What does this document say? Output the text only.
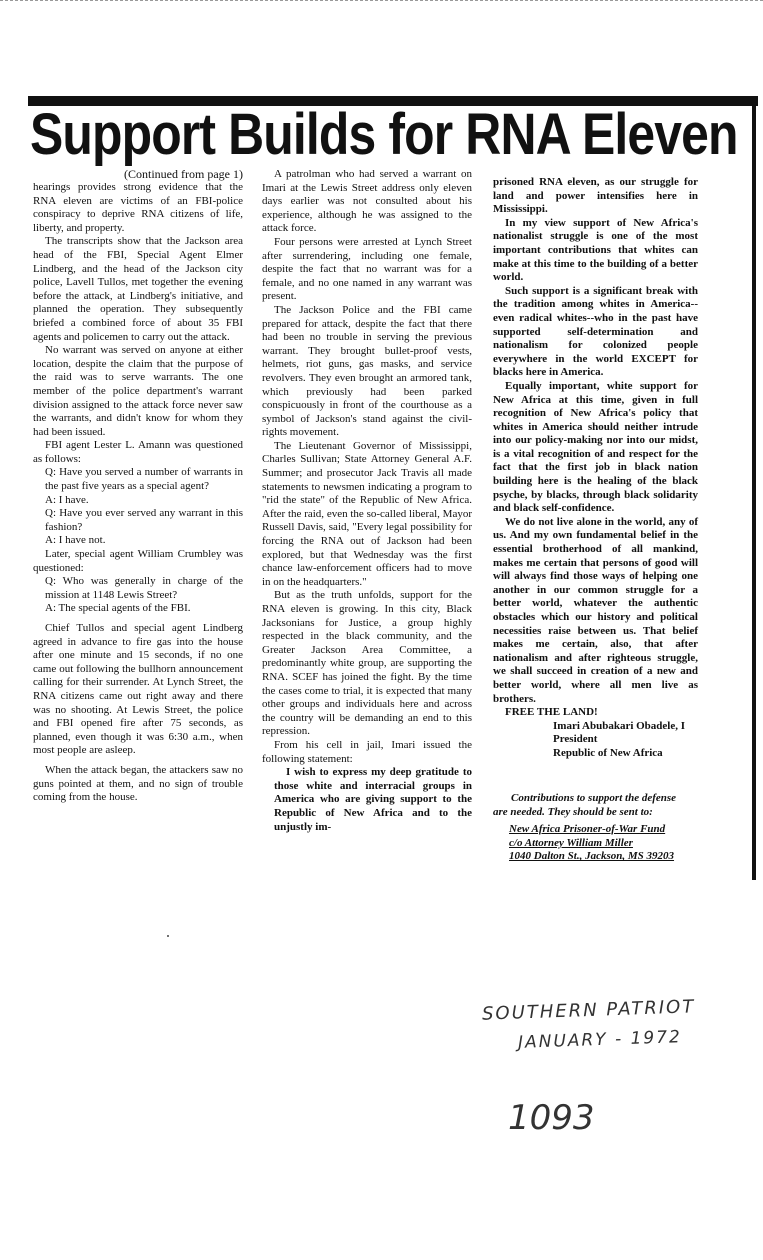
Support Builds for RNA Eleven
(Continued from page 1)

hearings provides strong evidence that the RNA eleven are victims of an FBI-police conspiracy to deprive RNA citizens of life, liberty, and property.

The transcripts show that the Jackson area head of the FBI, Special Agent Elmer Lindberg, and the head of the Jackson city police, Lavell Tullos, met together the evening before the attack, at Lindberg's initiative, and planned the operation. They subsequently briefed a combined force of about 35 FBI agents and policemen to carry out the attack.

No warrant was served on anyone at either location, despite the claim that the purpose of the raid was to serve warrants. The one member of the police department's warrant division assigned to the attack force never saw the warrants, and didn't know for whom they had been issued.

FBI agent Lester L. Amann was questioned as follows:

Q: Have you served a number of warrants in the past five years as a special agent?

A: I have.

Q: Have you ever served any warrant in this fashion?

A: I have not.

Later, special agent William Crumbley was questioned:

Q: Who was generally in charge of the mission at 1148 Lewis Street?

A: The special agents of the FBI.

Chief Tullos and special agent Lindberg agreed in advance to fire gas into the house after one minute and 15 seconds, if no one came out following the bullhorn announcement calling for their surrender. At Lynch Street, the RNA citizens came out right away and there was no shooting. At Lewis Street, the police and FBI opened fire after 75 seconds, as planned, even though it was 6:30 a.m., when most people are asleep.

When the attack began, the attackers saw no guns pointed at them, and no sign of trouble coming from the house.

A patrolman who had served a warrant on Imari at the Lewis Street address only eleven days earlier was not consulted about his experience, although he was assigned to the attack force.

Four persons were arrested at Lynch Street after surrendering, including one female, despite the fact that no warrant was for a female, and no one named in any warrant was present.

The Jackson Police and the FBI came prepared for attack, despite the fact that there had been no trouble in serving the previous warrant. They brought bullet-proof vests, helmets, riot guns, gas masks, and service revolvers. They even brought an armored tank, which previously had been parked conspicuously in front of the courthouse as a symbol of Jackson's stand against the civil-rights movement.

The Lieutenant Governor of Mississippi, Charles Sullivan; State Attorney General A.F. Summer; and prosecutor Jack Travis all made statements to newsmen indicating a program to "rid the state" of the Republic of New Africa. After the raid, even the so-called liberal, Mayor Russell Davis, said, "Every legal possibility for forcing the RNA out of Jackson had been explored, but that Wednesday was the first chance law-enforcement officers had to move in on the headquarters."

But as the truth unfolds, support for the RNA eleven is growing. In this city, Black Jacksonians for Justice, a group highly respected in the black community, and the Greater Jackson Area Committee, a predominantly white group, are supporting the RNA. SCEF has joined the fight. By the time the cases come to trial, it is expected that many other groups and individuals here and across the country will be demanding an end to this repression.

From his cell in jail, Imari issued the following statement:

I wish to express my deep gratitude to those white and interracial groups in America who are giving support to the Republic of New Africa and to the unjustly im-

prisoned RNA eleven, as our struggle for land and power intensifies here in Mississippi.

In my view support of New Africa's nationalist struggle is one of the most important contributions that whites can make at this time to the building of a better world.

Such support is a significant break with the tradition among whites in America--even radical whites--who in the past have supported self-determination and nationalism for colonized people everywhere in the world EXCEPT for blacks here in America.

Equally important, white support for New Africa at this time, given in full recognition of New Africa's policy that whites in America should neither intrude into our policy-making nor into our midst, is a vital recognition of and respect for the fact that the first job in black nation building here is the healing of the black psyche, by blacks, through black solidarity and black self-confidence.

We do not live alone in the world, any of us. And my own fundamental belief in the essential brotherhood of all mankind, makes me certain that persons of good will will always find those ways of helping one another in our common struggle for a better world, whatever the authentic obstacles which our history and political necessities raise between us. That belief makes me certain, also, that after nationalism and after righteous struggle, we shall succeed in creation of a new and better world, where all men live as brothers.

FREE THE LAND!

Imari Abubakari Obadele, I
President
Republic of New Africa
Contributions to support the defense
are needed. They should be sent to:
New Africa Prisoner-of-War Fund
c/o Attorney William Miller
1040 Dalton St., Jackson, MS 39203
SOUTHERN PATRIOT
JANUARY - 1972
1093
